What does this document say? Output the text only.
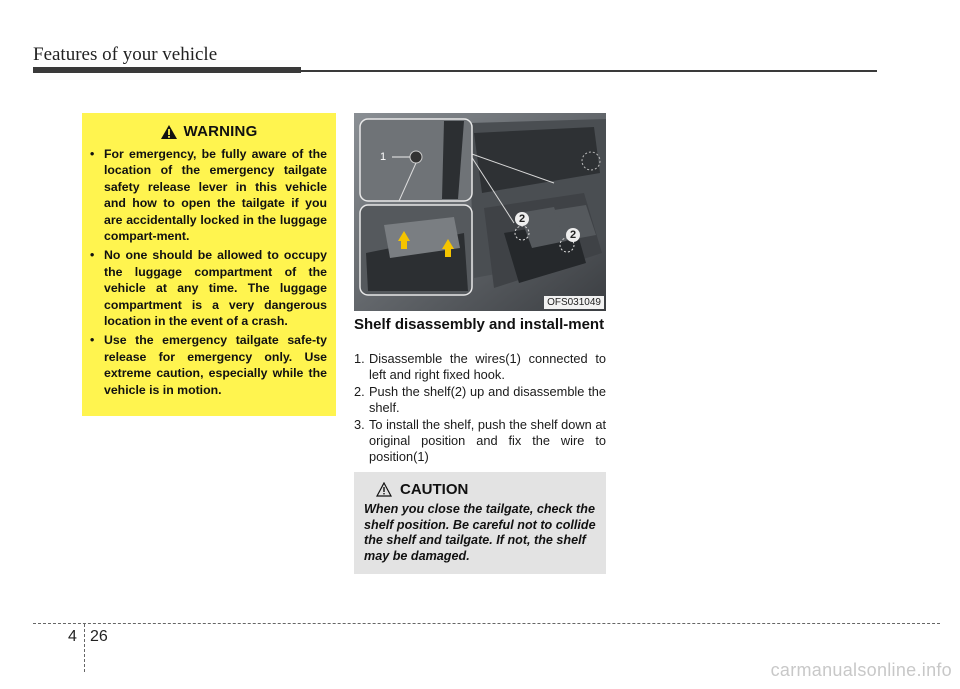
Features of your vehicle
WARNING
• For emergency, be fully aware of the location of the emergency tailgate safety release lever in this vehicle and how to open the tailgate if you are accidentally locked in the luggage compart-ment.
• No one should be allowed to occupy the luggage compartment of the vehicle at any time. The luggage compartment is a very dangerous location in the event of a crash.
• Use the emergency tailgate safe-ty release for emergency only. Use extreme caution, especially while the vehicle is in motion.
1
2
2
OFS031049
Shelf disassembly and install-ment
1. Disassemble the wires(1) connected to left and right fixed hook.
2. Push the shelf(2) up and disassemble the shelf.
3. To install the shelf, push the shelf down at original position and fix the wire to position(1)
CAUTION
When you close the tailgate, check the shelf position. Be careful not to collide the shelf and tailgate. If not, the shelf may be damaged.
4 26
carmanualsonline.info
